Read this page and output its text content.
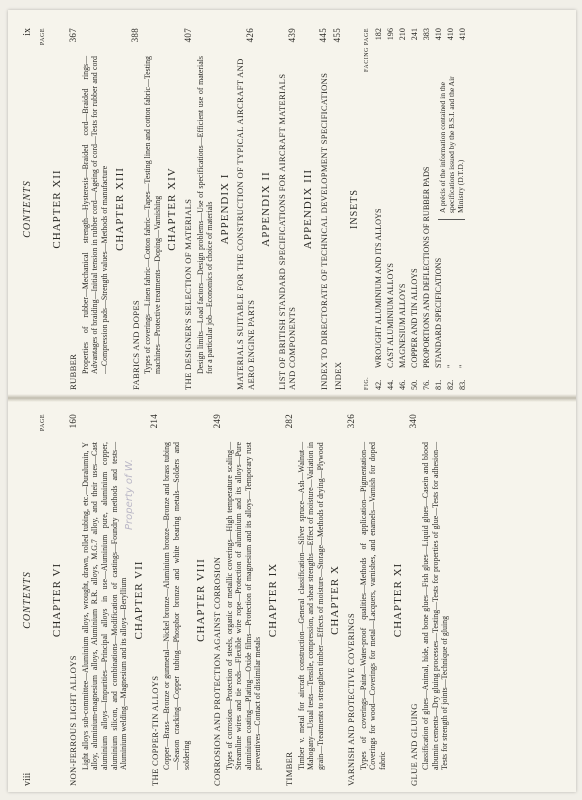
CONTENTS
ix PAGE
CHAPTER XII
RUBBER
367
Properties of rubber—Mechanical strength—Hysteresis—Braided cord—Braided rings—Advantages of braiding—Initial tension in rubber cord—Ageing of cord—Tests for rubber and cord—Compression pads—Strength values—Methods of manufacture CHAPTER XIII
FABRICS AND DOPES
388
Types of coverings—Linen fabric—Cotton fabric—Tapes—Testing linen and cotton fabric—Testing machines—Protective treatments—Doping—Varnishing CHAPTER XIV THE DESIGNER'S SELECTION OF MATERIALS
407
Design limits—Load factors—Design problems—Use of specifications—Efficient use of materials for a particular job—Economics of choice of materials APPENDIX I MATERIALS SUITABLE FOR THE CONSTRUCTION OF TYPICAL AIRCRAFT AND AERO ENGINE PARTS
426
APPENDIX II LIST OF BRITISH STANDARD SPECIFICATIONS FOR AIRCRAFT MATERIALS AND COMPONENTS
439
APPENDIX III INDEX TO DIRECTORATE OF TECHNICAL DEVELOPMENT SPECIFICATIONS
445
INDEX
455
INSETS
FIG.
FACING PAGE
42.
WROUGHT ALUMINIUM AND ITS ALLOYS
182
44.
CAST ALUMINIUM ALLOYS
196
46.
MAGNESIUM ALLOYS
210
50.
COPPER AND TIN ALLOYS
241
76.
PROPORTIONS AND DEFLECTIONS OF RUBBER PADS
383
81.
STANDARD SPECIFICATIONS
410
82.
"
410
83.
"
410
A précis of the information contained in the specifications issued by the B.S.I. and the Air Ministry (D.T.D.)
Property of W.
viii
CONTENTS
PAGE
CHAPTER VI
NON-FERROUS LIGHT ALLOYS
160
Light alloys sub-committee—Aluminium alloys, wrought, drawn, rolled tubing, etc.—Duralumin, Y alloy, aluminium-magnesium alloys, Aluminium R.R. alloys, M.G.7 alloy, and their uses—Cast aluminium alloys—Impurities—Principal alloys in use—Aluminium pure, aluminium copper, aluminium silicon, and combinations—Modification of castings—Foundry methods and tests—Aluminium welding—Magnesium and its alloys—Beryllium CHAPTER VII
THE COPPER-TIN ALLOYS
214
Copper—Brass—Bronze or gunmetal—Nickel bronze—Aluminium bronze—Bronze and brass tubing—Season cracking—Copper tubing—Phosphor bronze and white bearing metals—Solders and soldering
CHAPTER VIII CORROSION AND PROTECTION AGAINST CORROSION
249
Types of corrosion—Protection of steels, organic or metallic coverings—High temperature scaling—Streamline wires and tie rods—Flexible wire rope—Protection of aluminium and its alloys—Pure aluminium coating—Plating—Oxide films—Protection of magnesium and its alloys—Temporary rust preventives—Contact of dissimilar metals
CHAPTER IX
TIMBER
282
Timber v. metal for aircraft construction—General classification—Silver spruce—Ash—Walnut—Mahogany—Usual tests—Tensile, compression, and shear strengths—Effect of moisture—Variation in grain—Treatments to strengthen timber—Effects of moisture—Storage—Methods of drying—Plywood CHAPTER X
VARNISH AND PROTECTIVE COVERINGS
326
Types of coverings—Paint—Water-proof qualities—Methods of application—Pigmentation—Coverings for wood—Coverings for metal—Lacquers, varnishes, and enamels—Varnish for doped fabric
CHAPTER XI
GLUE AND GLUING
340
Classification of glues—Animal, hide, and bone glues—Fish glues—Liquid glues—Casein and blood albumin cements—Dry gluing processes—Testing—Tests for properties of glue—Tests for adhesion—Tests for strength of joints—Technique of gluing
